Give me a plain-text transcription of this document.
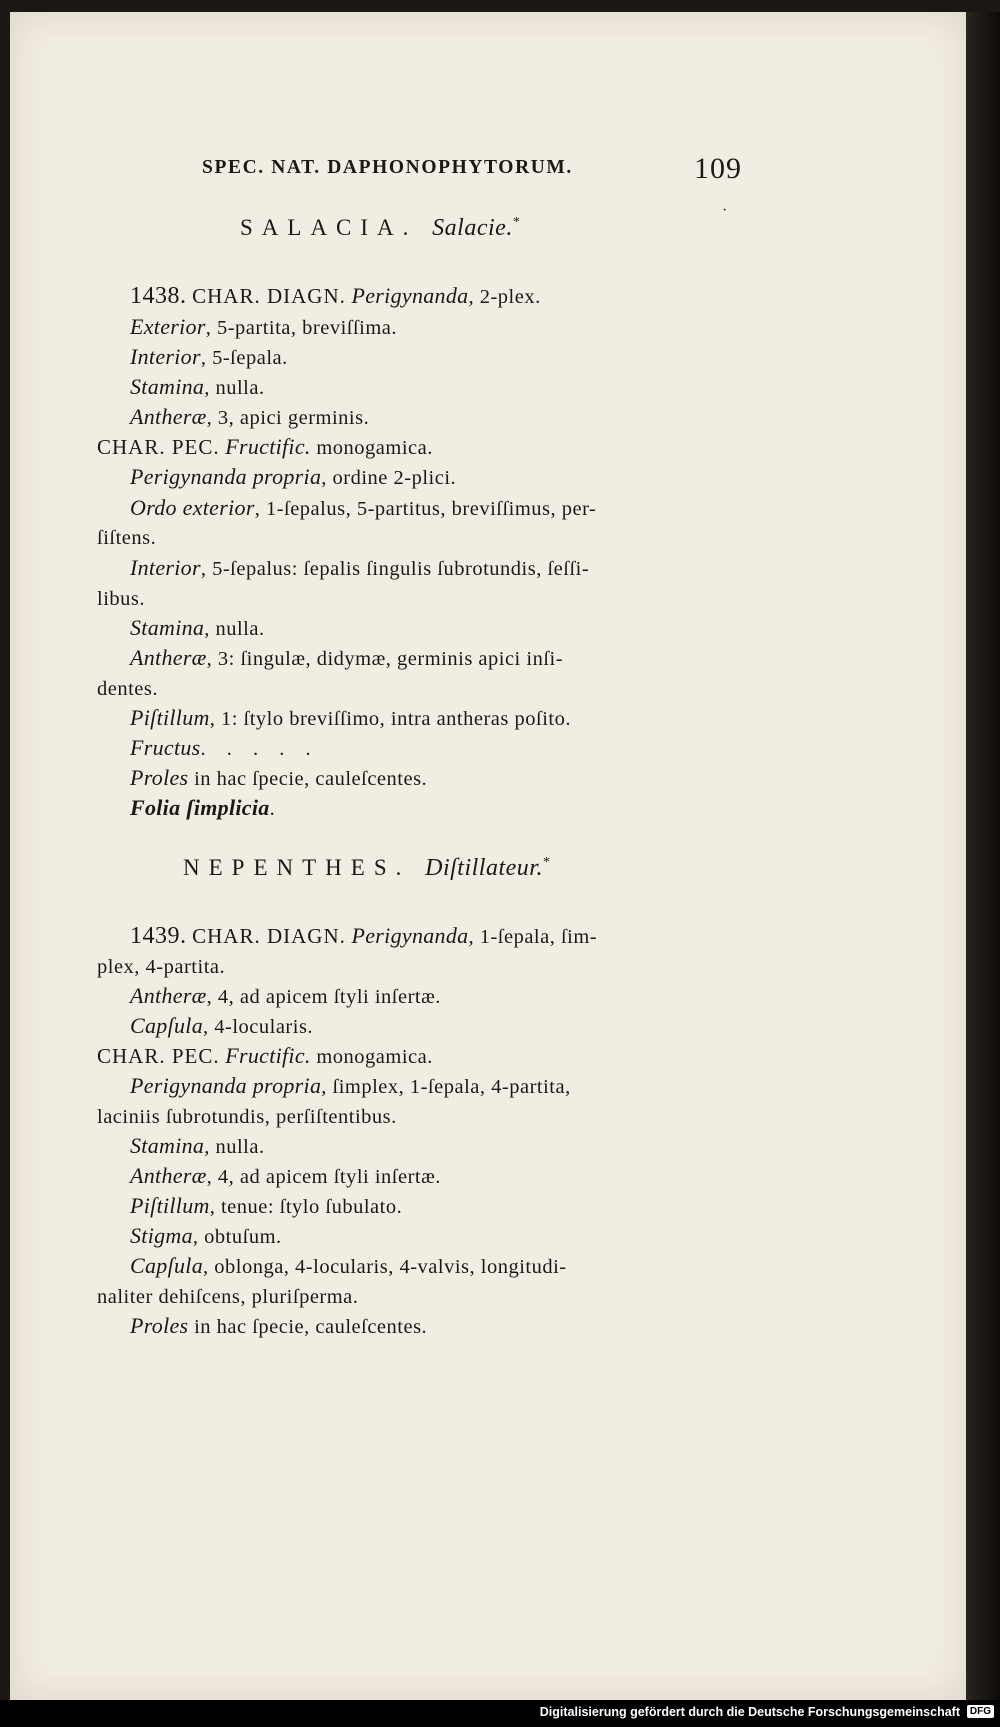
SPEC. NAT. DAPHONOPHYTORUM.	109
·
SALACIA. Salacie.*
1438. CHAR. DIAGN. Perigynanda, 2-plex.
Exterior, 5-partita, breviſſima.
Interior, 5-ſepala.
Stamina, nulla.
Antheræ, 3, apici germinis.
CHAR. PEC. Fructific. monogamica.
Perigynanda propria, ordine 2-plici.
Ordo exterior, 1-ſepalus, 5-partitus, breviſſimus, per-
ſiſtens.
Interior, 5-ſepalus: ſepalis ſingulis ſubrotundis, ſeſſi-
libus.
Stamina, nulla.
Antheræ, 3: ſingulæ, didymæ, germinis apici inſi-
dentes.
Piſtillum, 1: ſtylo breviſſimo, intra antheras poſito.
Fructus. . . . .
Proles in hac ſpecie, cauleſcentes.
Folia ſimplicia.
NEPENTHES. Diſtillateur.*
1439. CHAR. DIAGN. Perigynanda, 1-ſepala, ſim-
plex, 4-partita.
Antheræ, 4, ad apicem ſtyli inſertæ.
Capſula, 4-locularis.
CHAR. PEC. Fructific. monogamica.
Perigynanda propria, ſimplex, 1-ſepala, 4-partita,
laciniis ſubrotundis, perſiſtentibus.
Stamina, nulla.
Antheræ, 4, ad apicem ſtyli inſertæ.
Piſtillum, tenue: ſtylo ſubulato.
Stigma, obtuſum.
Capſula, oblonga, 4-locularis, 4-valvis, longitudi-
naliter dehiſcens, pluriſperma.
Proles in hac ſpecie, cauleſcentes.
Digitalisierung gefördert durch die Deutsche Forschungsgemeinschaft DFG
